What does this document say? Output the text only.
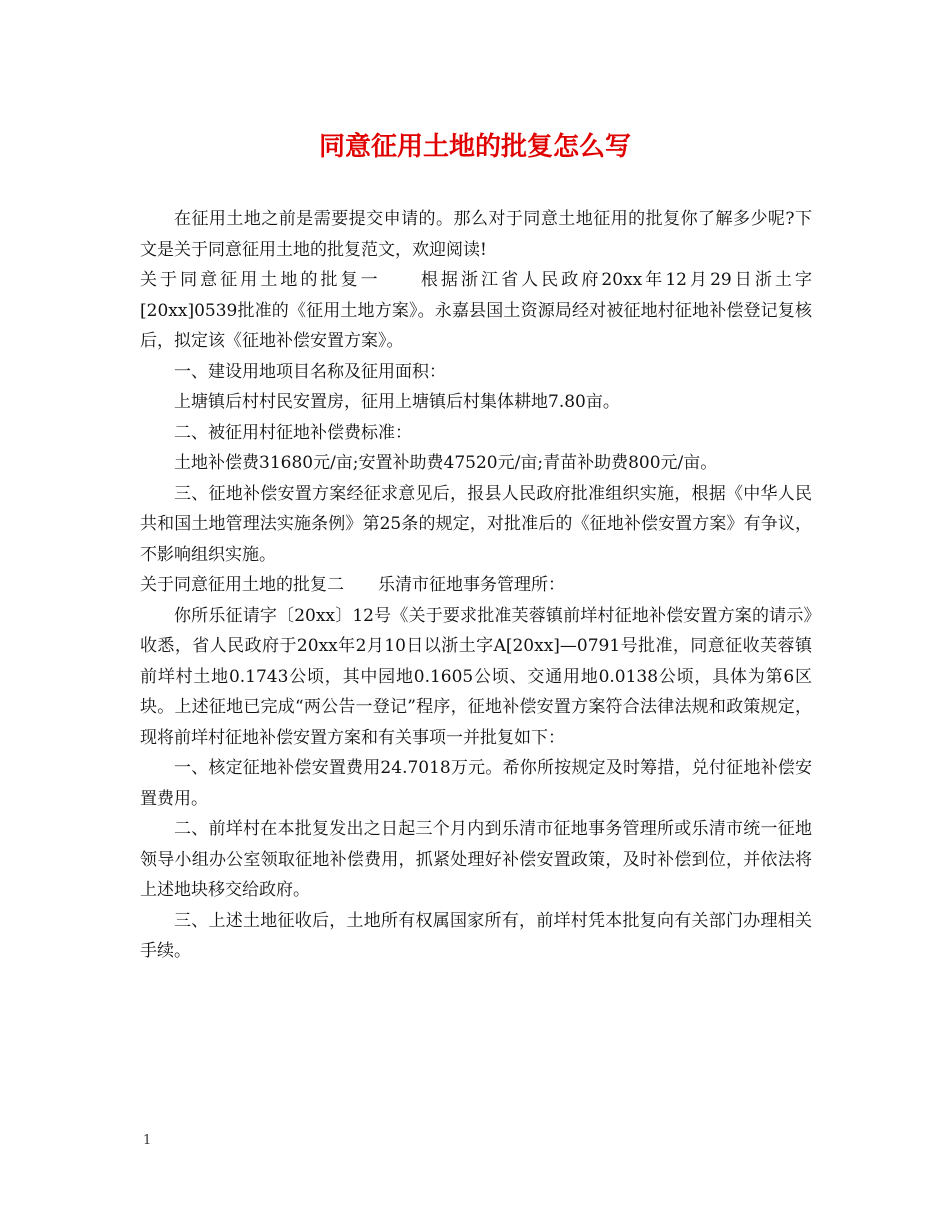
同意征用土地的批复怎么写

在征用土地之前是需要提交申请的。那么对于同意土地征用的批复你了解多少呢?下文是关于同意征用土地的批复范文，欢迎阅读!

关于同意征用土地的批复一　　根据浙江省人民政府20xx年12月29日浙土字[20xx]0539批准的《征用土地方案》。永嘉县国土资源局经对被征地村征地补偿登记复核后，拟定该《征地补偿安置方案》。

一、建设用地项目名称及征用面积：

上塘镇后村村民安置房，征用上塘镇后村集体耕地7.80亩。

二、被征用村征地补偿费标准：

土地补偿费31680元/亩;安置补助费47520元/亩;青苗补助费800元/亩。

三、征地补偿安置方案经征求意见后，报县人民政府批准组织实施，根据《中华人民共和国土地管理法实施条例》第25条的规定，对批准后的《征地补偿安置方案》有争议，不影响组织实施。

关于同意征用土地的批复二　　乐清市征地事务管理所：

你所乐征请字〔20xx〕12号《关于要求批准芙蓉镇前垟村征地补偿安置方案的请示》收悉，省人民政府于20xx年2月10日以浙土字A[20xx]—0791号批准，同意征收芙蓉镇前垟村土地0.1743公顷，其中园地0.1605公顷、交通用地0.0138公顷，具体为第6区块。上述征地已完成“两公告一登记”程序，征地补偿安置方案符合法律法规和政策规定，现将前垟村征地补偿安置方案和有关事项一并批复如下：

一、核定征地补偿安置费用24.7018万元。希你所按规定及时筹措，兑付征地补偿安置费用。

二、前垟村在本批复发出之日起三个月内到乐清市征地事务管理所或乐清市统一征地领导小组办公室领取征地补偿费用，抓紧处理好补偿安置政策，及时补偿到位，并依法将上述地块移交给政府。

三、上述土地征收后，土地所有权属国家所有，前垟村凭本批复向有关部门办理相关手续。

1
